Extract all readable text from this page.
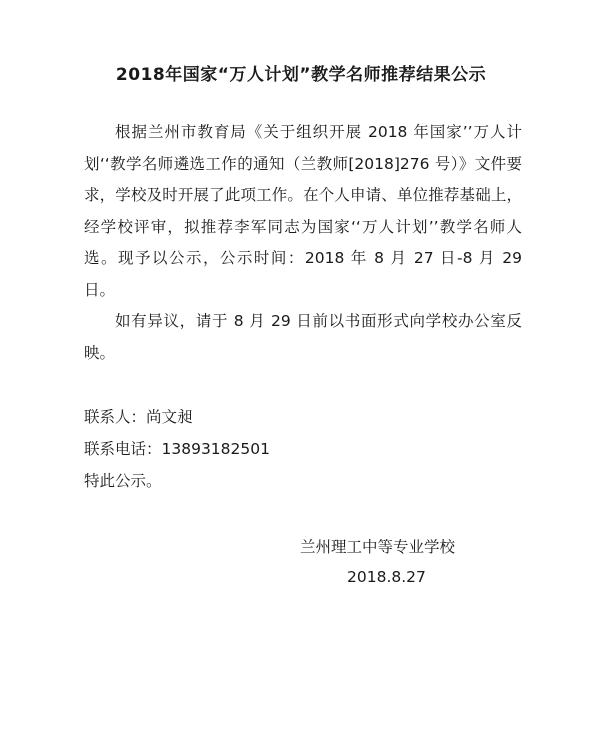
2018年国家“万人计划”教学名师推荐结果公示

根据兰州市教育局《关于组织开展 2018 年国家’’万人计划‘‘教学名师遴选工作的通知（兰教师[2018]276 号）》文件要求，学校及时开展了此项工作。在个人申请、单位推荐基础上，经学校评审，拟推荐李军同志为国家‘‘万人计划’’教学名师人选。现予以公示，公示时间：2018 年 8 月 27 日-8 月 29 日。

如有异议，请于 8 月 29 日前以书面形式向学校办公室反映。

联系人：尚文昶
联系电话：13893182501
特此公示。
兰州理工中等专业学校
2018.8.27
